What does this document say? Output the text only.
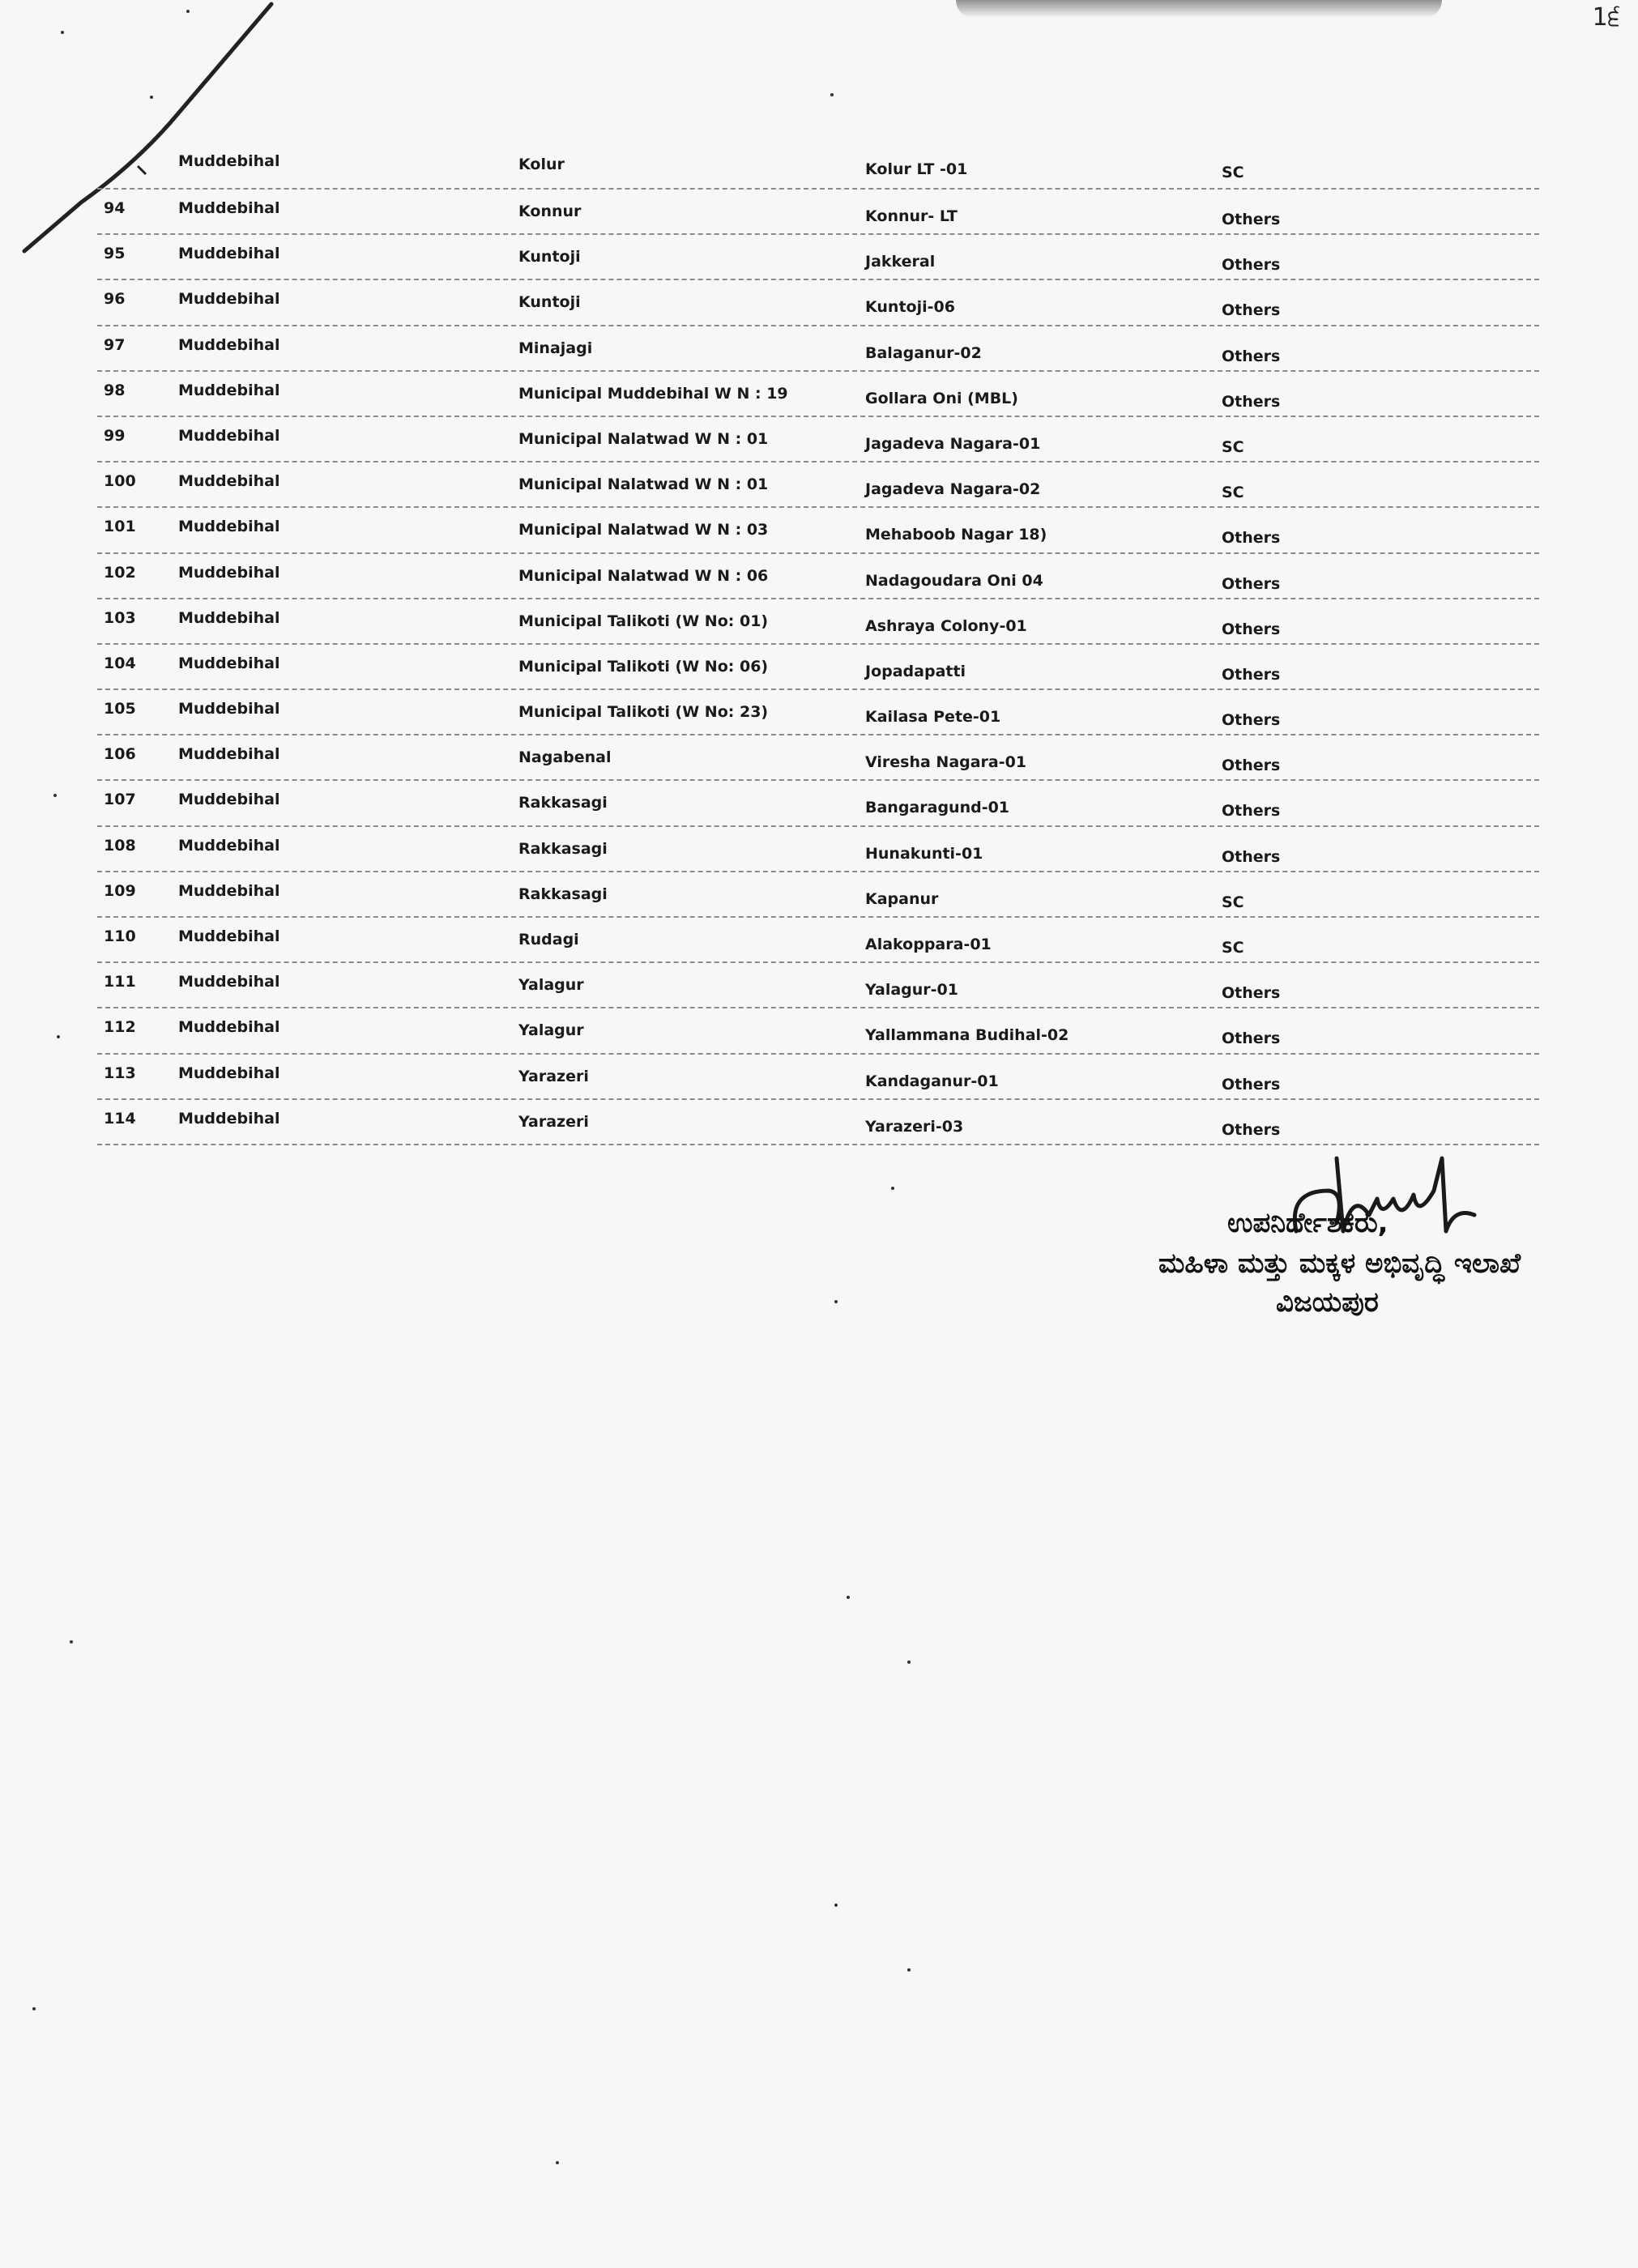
1੬
Muddebihal	Kolur	Kolur LT -01	SC
94	Muddebihal	Konnur	Konnur- LT	Others
95	Muddebihal	Kuntoji	Jakkeral	Others
96	Muddebihal	Kuntoji	Kuntoji-06	Others
97	Muddebihal	Minajagi	Balaganur-02	Others
98	Muddebihal	Municipal Muddebihal W N : 19	Gollara Oni (MBL)	Others
99	Muddebihal	Municipal Nalatwad W N : 01	Jagadeva Nagara-01	SC
100	Muddebihal	Municipal Nalatwad W N : 01	Jagadeva Nagara-02	SC
101	Muddebihal	Municipal Nalatwad W N : 03	Mehaboob Nagar 18)	Others
102	Muddebihal	Municipal Nalatwad W N : 06	Nadagoudara Oni 04	Others
103	Muddebihal	Municipal Talikoti (W No: 01)	Ashraya Colony-01	Others
104	Muddebihal	Municipal Talikoti (W No: 06)	Jopadapatti	Others
105	Muddebihal	Municipal Talikoti (W No: 23)	Kailasa Pete-01	Others
106	Muddebihal	Nagabenal	Viresha Nagara-01	Others
107	Muddebihal	Rakkasagi	Bangaragund-01	Others
108	Muddebihal	Rakkasagi	Hunakunti-01	Others
109	Muddebihal	Rakkasagi	Kapanur	SC
110	Muddebihal	Rudagi	Alakoppara-01	SC
111	Muddebihal	Yalagur	Yalagur-01	Others
112	Muddebihal	Yalagur	Yallammana Budihal-02	Others
113	Muddebihal	Yarazeri	Kandaganur-01	Others
114	Muddebihal	Yarazeri	Yarazeri-03	Others
ಉಪನಿರ್ದೇಶಕರು,
ಮಹಿಳಾ ಮತ್ತು ಮಕ್ಕಳ ಅಭಿವೃದ್ಧಿ ಇಲಾಖೆ
ವಿಜಯಪುರ
